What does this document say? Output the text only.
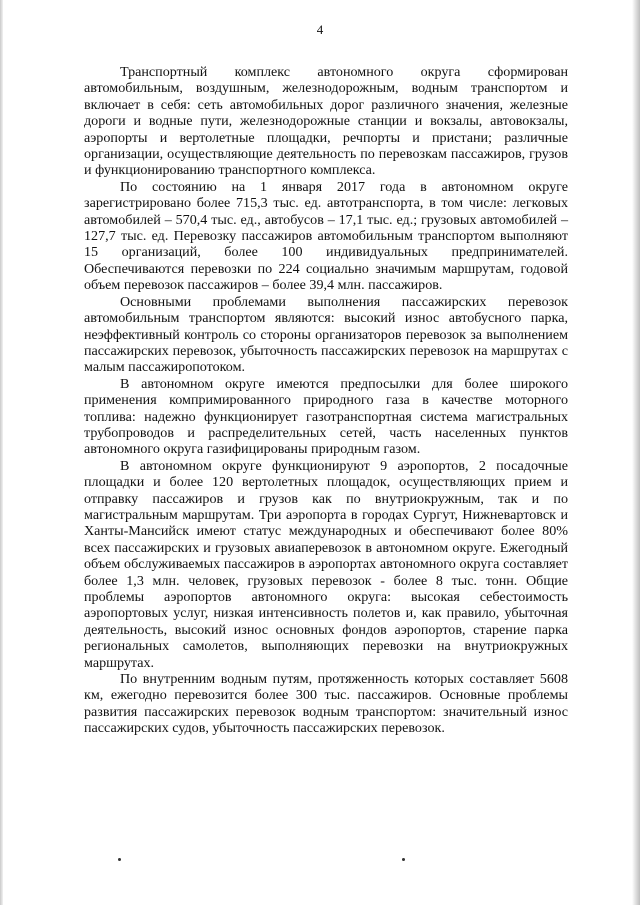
4

Транспортный комплекс автономного округа сформирован автомобильным, воздушным, железнодорожным, водным транспортом и включает в себя: сеть автомобильных дорог различного значения, железные дороги и водные пути, железнодорожные станции и вокзалы, автовокзалы, аэропорты и вертолетные площадки, речпорты и пристани; различные организации, осуществляющие деятельность по перевозкам пассажиров, грузов и функционированию транспортного комплекса.

По состоянию на 1 января 2017 года в автономном округе зарегистрировано более 715,3 тыс. ед. автотранспорта, в том числе: легковых автомобилей – 570,4 тыс. ед., автобусов – 17,1 тыс. ед.; грузовых автомобилей – 127,7 тыс. ед. Перевозку пассажиров автомобильным транспортом выполняют 15 организаций, более 100 индивидуальных предпринимателей. Обеспечиваются перевозки по 224 социально значимым маршрутам, годовой объем перевозок пассажиров – более 39,4 млн. пассажиров.

Основными проблемами выполнения пассажирских перевозок автомобильным транспортом являются: высокий износ автобусного парка, неэффективный контроль со стороны организаторов перевозок за выполнением пассажирских перевозок, убыточность пассажирских перевозок на маршрутах с малым пассажиропотоком.

В автономном округе имеются предпосылки для более широкого применения компримированного природного газа в качестве моторного топлива: надежно функционирует газотранспортная система магистральных трубопроводов и распределительных сетей, часть населенных пунктов автономного округа газифицированы природным газом.

В автономном округе функционируют 9 аэропортов, 2 посадочные площадки и более 120 вертолетных площадок, осуществляющих прием и отправку пассажиров и грузов как по внутриокружным, так и по магистральным маршрутам. Три аэропорта в городах Сургут, Нижневартовск и Ханты-Мансийск имеют статус международных и обеспечивают более 80% всех пассажирских и грузовых авиаперевозок в автономном округе. Ежегодный объем обслуживаемых пассажиров в аэропортах автономного округа составляет более 1,3 млн. человек, грузовых перевозок - более 8 тыс. тонн. Общие проблемы аэропортов автономного округа: высокая себестоимость аэропортовых услуг, низкая интенсивность полетов и, как правило, убыточная деятельность, высокий износ основных фондов аэропортов, старение парка региональных самолетов, выполняющих перевозки на внутриокружных маршрутах.

По внутренним водным путям, протяженность которых составляет 5608 км, ежегодно перевозится более 300 тыс. пассажиров. Основные проблемы развития пассажирских перевозок водным транспортом: значительный износ пассажирских судов, убыточность пассажирских перевозок.
